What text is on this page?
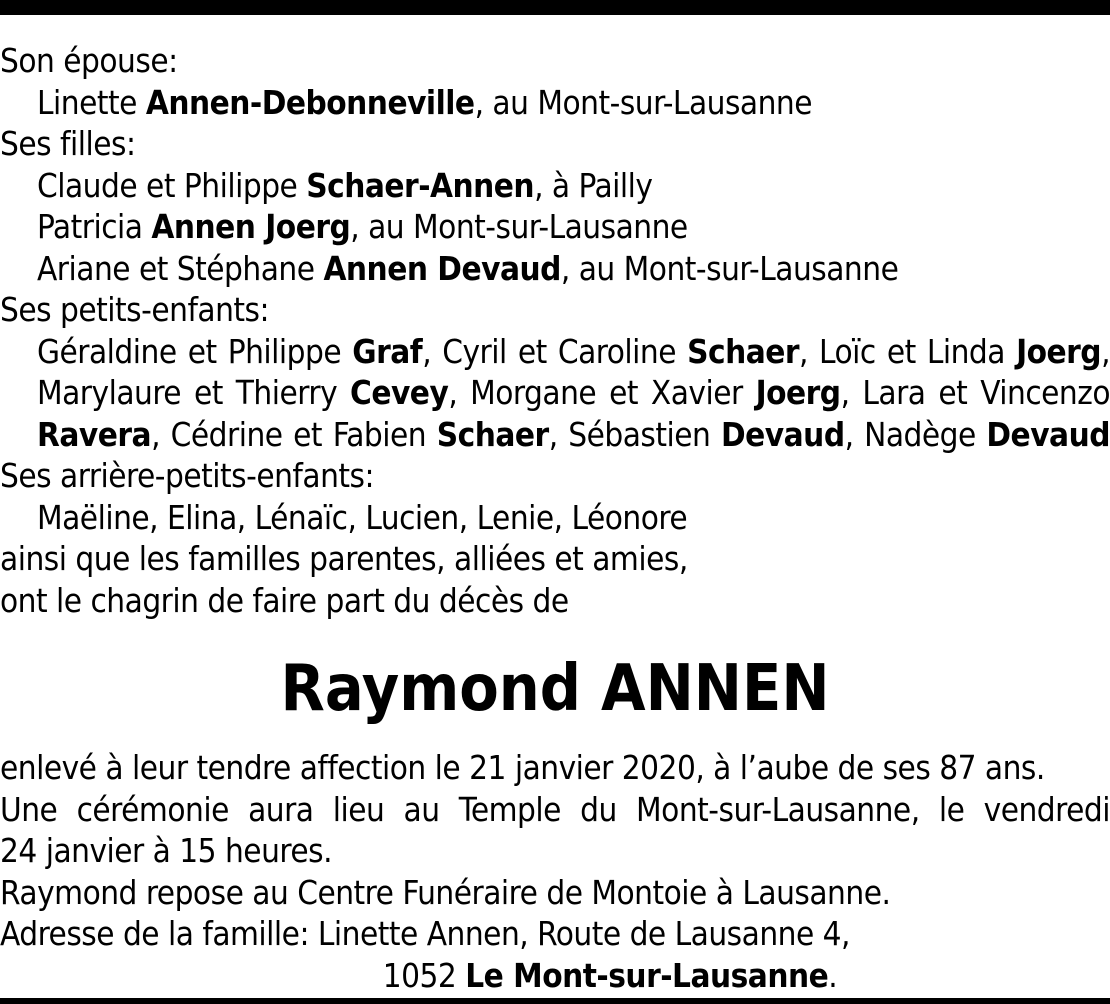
Son épouse:
Linette Annen-Debonneville, au Mont-sur-Lausanne
Ses filles:
Claude et Philippe Schaer-Annen, à Pailly
Patricia Annen Joerg, au Mont-sur-Lausanne
Ariane et Stéphane Annen Devaud, au Mont-sur-Lausanne
Ses petits-enfants:
Géraldine et Philippe Graf, Cyril et Caroline Schaer, Loïc et Linda Joerg,
Marylaure et Thierry Cevey, Morgane et Xavier Joerg, Lara et Vincenzo
Ravera, Cédrine et Fabien Schaer, Sébastien Devaud, Nadège Devaud
Ses arrière-petits-enfants:
Maëline, Elina, Lénaïc, Lucien, Lenie, Léonore
ainsi que les familles parentes, alliées et amies,
ont le chagrin de faire part du décès de
Raymond ANNEN
enlevé à leur tendre affection le 21 janvier 2020, à l’aube de ses 87 ans.
Une cérémonie aura lieu au Temple du Mont-sur-Lausanne, le vendredi
24 janvier à 15 heures.
Raymond repose au Centre Funéraire de Montoie à Lausanne.
Adresse de la famille: Linette Annen, Route de Lausanne 4,
1052 Le Mont-sur-Lausanne.
